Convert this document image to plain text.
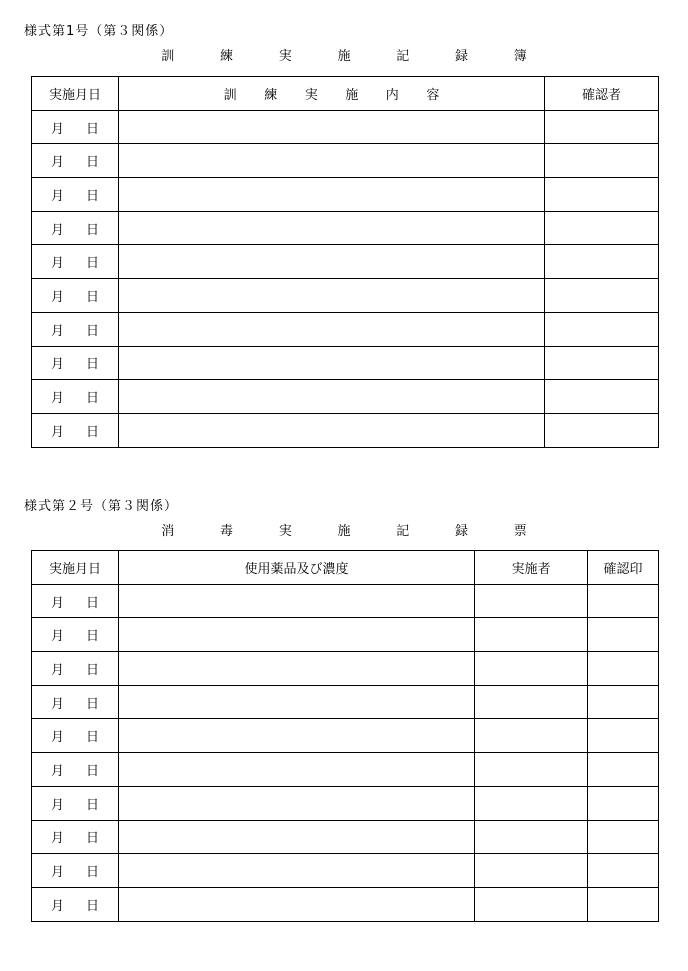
様式第1号（第３関係）
訓 練 実 施 記 録 簿
実施月日	訓 練 実 施 内 容	確認者
月 日		
月 日		
月 日		
月 日		
月 日		
月 日		
月 日		
月 日		
月 日		
月 日		
様式第２号（第３関係）
消 毒 実 施 記 録 票
実施月日	使用薬品及び濃度	実施者	確認印
月 日			
月 日			
月 日			
月 日			
月 日			
月 日			
月 日			
月 日			
月 日			
月 日			
